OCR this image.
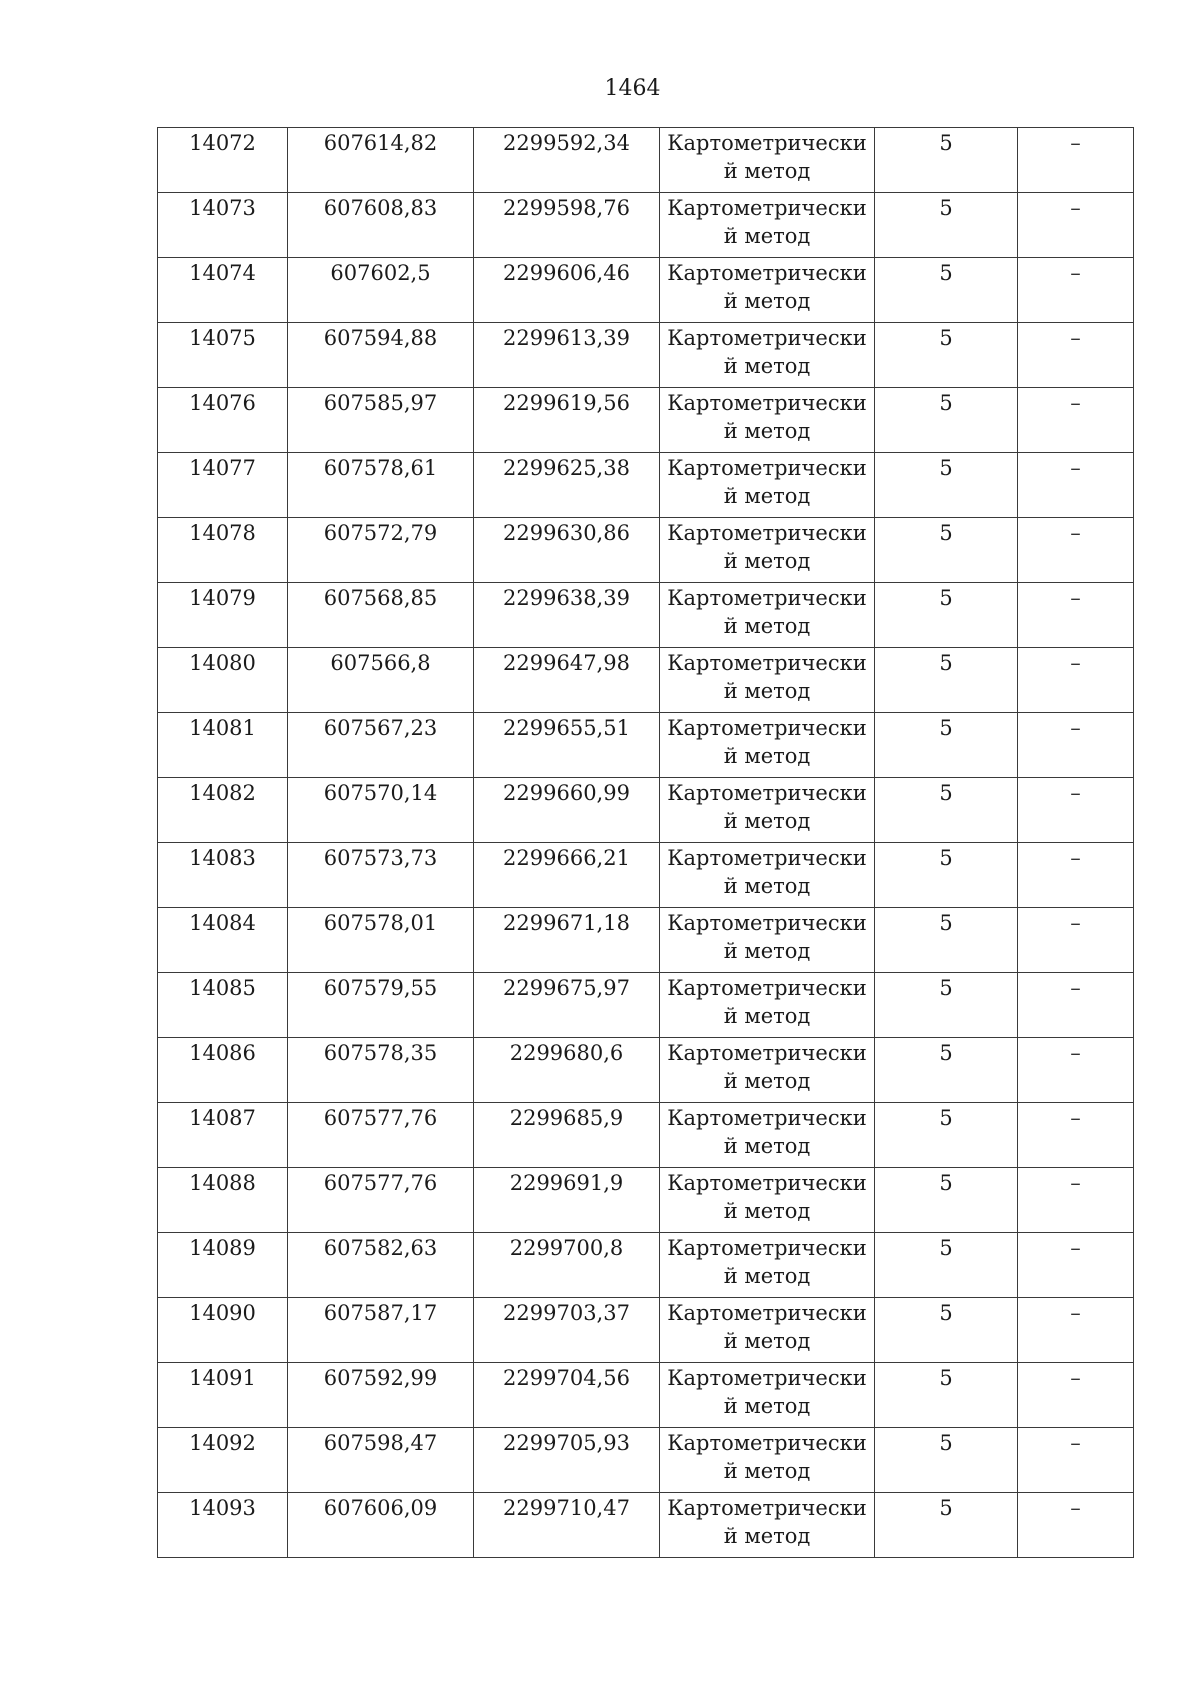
1464
14072	607614,82	2299592,34	Картометрически
й метод	5	–

14073	607608,83	2299598,76	Картометрически
й метод	5	–

14074	607602,5	2299606,46	Картометрически
й метод	5	–

14075	607594,88	2299613,39	Картометрически
й метод	5	–

14076	607585,97	2299619,56	Картометрически
й метод	5	–

14077	607578,61	2299625,38	Картометрически
й метод	5	–

14078	607572,79	2299630,86	Картометрически
й метод	5	–

14079	607568,85	2299638,39	Картометрически
й метод	5	–

14080	607566,8	2299647,98	Картометрически
й метод	5	–

14081	607567,23	2299655,51	Картометрически
й метод	5	–

14082	607570,14	2299660,99	Картометрически
й метод	5	–

14083	607573,73	2299666,21	Картометрически
й метод	5	–

14084	607578,01	2299671,18	Картометрически
й метод	5	–

14085	607579,55	2299675,97	Картометрически
й метод	5	–

14086	607578,35	2299680,6	Картометрически
й метод	5	–

14087	607577,76	2299685,9	Картометрически
й метод	5	–

14088	607577,76	2299691,9	Картометрически
й метод	5	–

14089	607582,63	2299700,8	Картометрически
й метод	5	–

14090	607587,17	2299703,37	Картометрически
й метод	5	–

14091	607592,99	2299704,56	Картометрически
й метод	5	–

14092	607598,47	2299705,93	Картометрически
й метод	5	–

14093	607606,09	2299710,47	Картометрически
й метод	5	–
